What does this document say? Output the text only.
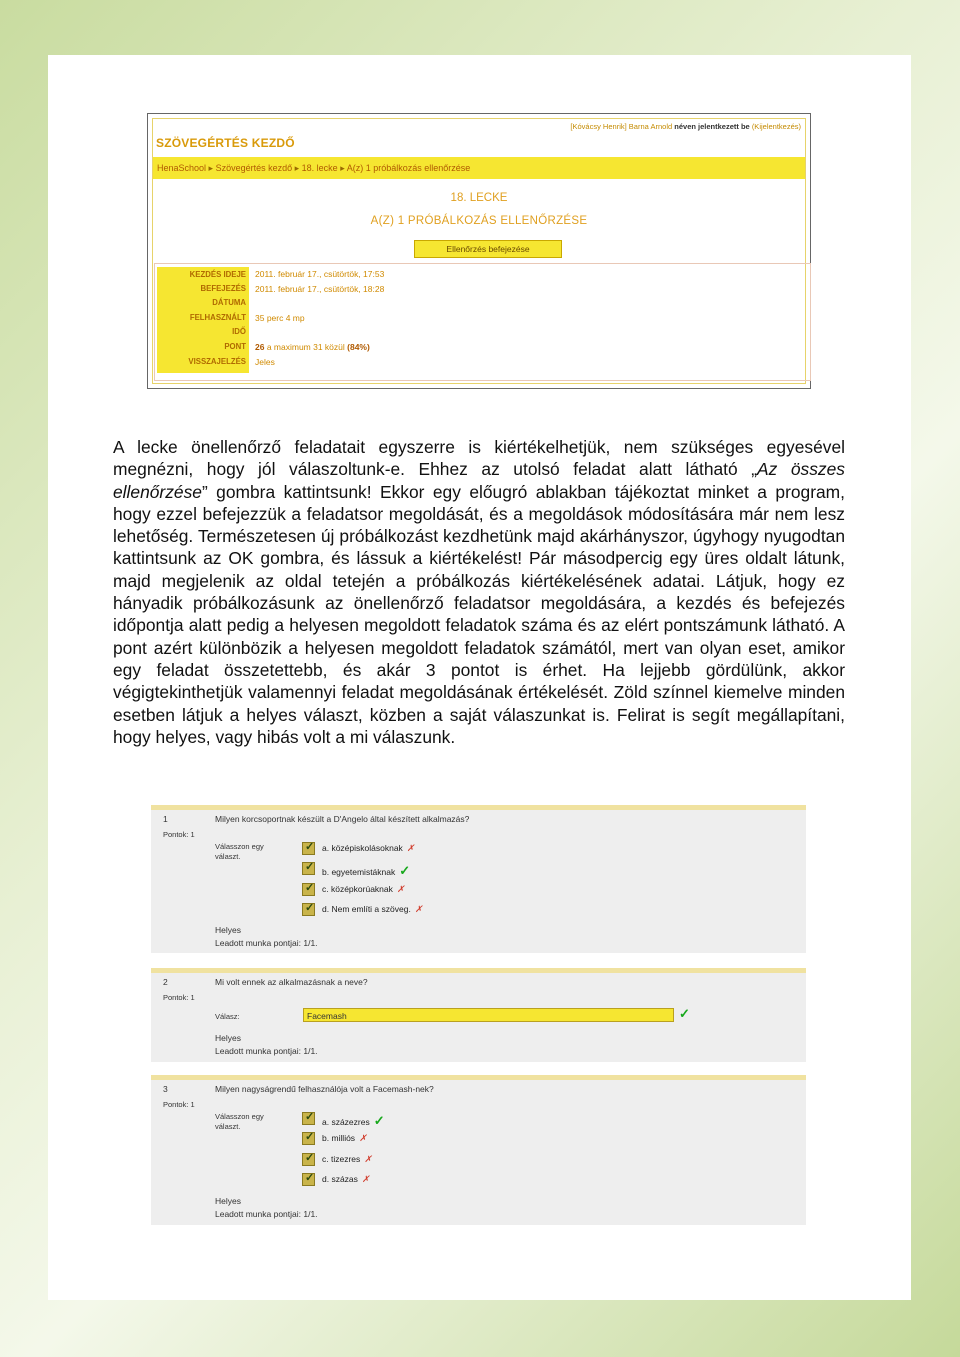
SZÖVEGÉRTÉS KEZDŐ
[Kóvácsy Henrik] Barna Arnold néven jelentkezett be (Kijelentkezés)
HenaSchool ▸ Szövegértés kezdő ▸ 18. lecke ▸ A(z) 1 próbálkozás ellenőrzése
18. LECKE
A(Z) 1 PRÓBÁLKOZÁS ELLENŐRZÉSE
Ellenőrzés befejezése
KEZDÉS IDEJE
BEFEJEZÉS
DÁTUMA
FELHASZNÁLT
IDŐ
PONT
VISSZAJELZÉS
2011. február 17., csütörtök, 17:53
2011. február 17., csütörtök, 18:28
35 perc 4 mp
26 a maximum 31 közül (84%)
Jeles
A lecke önellenőrző feladatait egyszerre is kiértékelhetjük, nem szükséges egyesével megnézni, hogy jól válaszoltunk-e. Ehhez az utolsó feladat alatt látható „Az összes ellenőrzése” gombra kattintsunk! Ekkor egy előugró ablakban tájékoztat minket a program, hogy ezzel befejezzük a feladatsor megoldását, és a megoldások módosítására már nem lesz lehetőség. Természetesen új próbálkozást kezdhetünk majd akárhányszor, úgyhogy nyugodtan kattintsunk az OK gombra, és lássuk a kiértékelést! Pár másodpercig egy üres oldalt látunk, majd megjelenik az oldal tetején a próbálkozás kiértékelésének adatai. Látjuk, hogy ez hányadik próbálkozásunk az önellenőrző feladatsor megoldására, a kezdés és befejezés időpontja alatt pedig a helyesen megoldott feladatok száma és az elért pontszámunk látható. A pont azért különbözik a helyesen megoldott feladatok számától, mert van olyan eset, amikor egy feladat összetettebb, és akár 3 pontot is érhet. Ha lejjebb gördülünk, akkor végigtekinthetjük valamennyi feladat megoldásának értékelését. Zöld színnel kiemelve minden esetben látjuk a helyes választ, közben a saját válaszunkat is. Felirat is segít megállapítani, hogy helyes, vagy hibás volt a mi válaszunk.
1
Pontok: 1
Milyen korcsoportnak készült a D'Angelo által készített alkalmazás?
Válasszon egy választ.
✓
a. középiskolásoknak ✗
✓
b. egyetemistáknak ✓
✓
c. középkorúaknak ✗
✓
d. Nem említi a szöveg. ✗
Helyes
Leadott munka pontjai: 1/1.
2
Pontok: 1
Mi volt ennek az alkalmazásnak a neve?
Válasz:	Facemash	✓
Helyes
Leadott munka pontjai: 1/1.
3
Pontok: 1
Milyen nagyságrendű felhasználója volt a Facemash-nek?
Válasszon egy választ.
✓	a. százezres ✓
✓
b. milliós ✗
✓
c. tizezres ✗
✓
d. százas ✗
Helyes
Leadott munka pontjai: 1/1.
